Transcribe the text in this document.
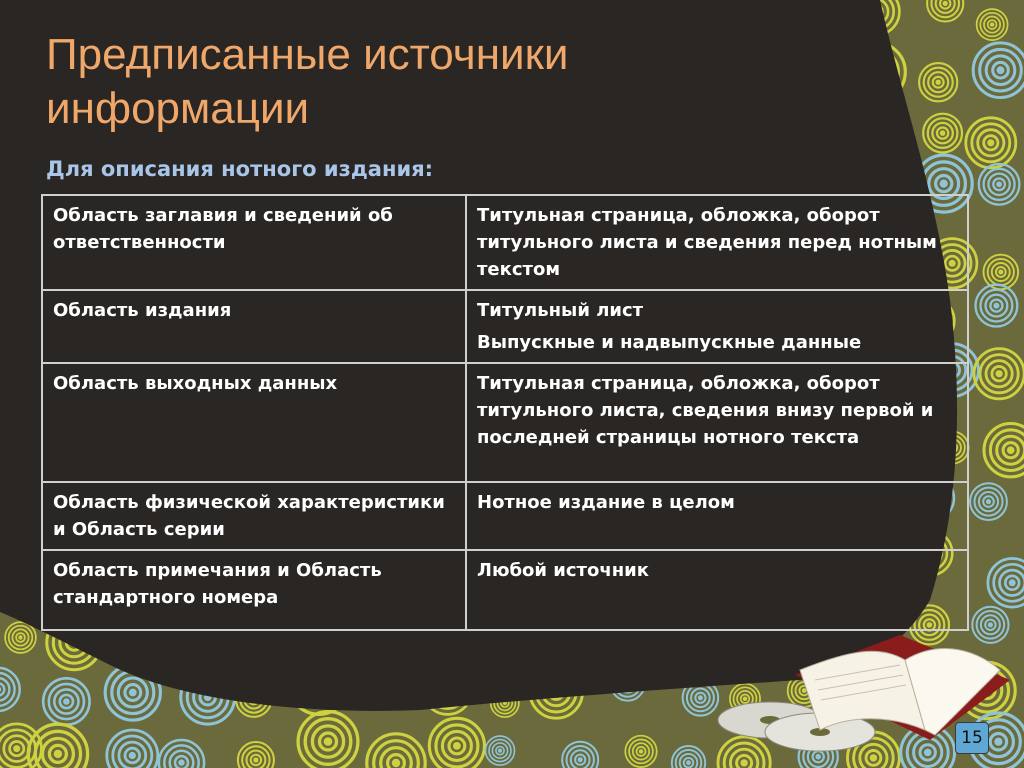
Предписанные источники
информации
Для описания нотного издания:
Область заглавия и сведений об ответственности	Титульная страница, обложка, оборот титульного листа и сведения перед нотным текстом

Область издания	Титульный лист
Выпускные и надвыпускные данные

Область выходных данных	Титульная страница, обложка, оборот титульного листа, сведения внизу первой и последней страницы нотного текста

Область физической характеристики и Область серии	Нотное издание в целом

Область примечания и Область стандартного номера	Любой источник
15
